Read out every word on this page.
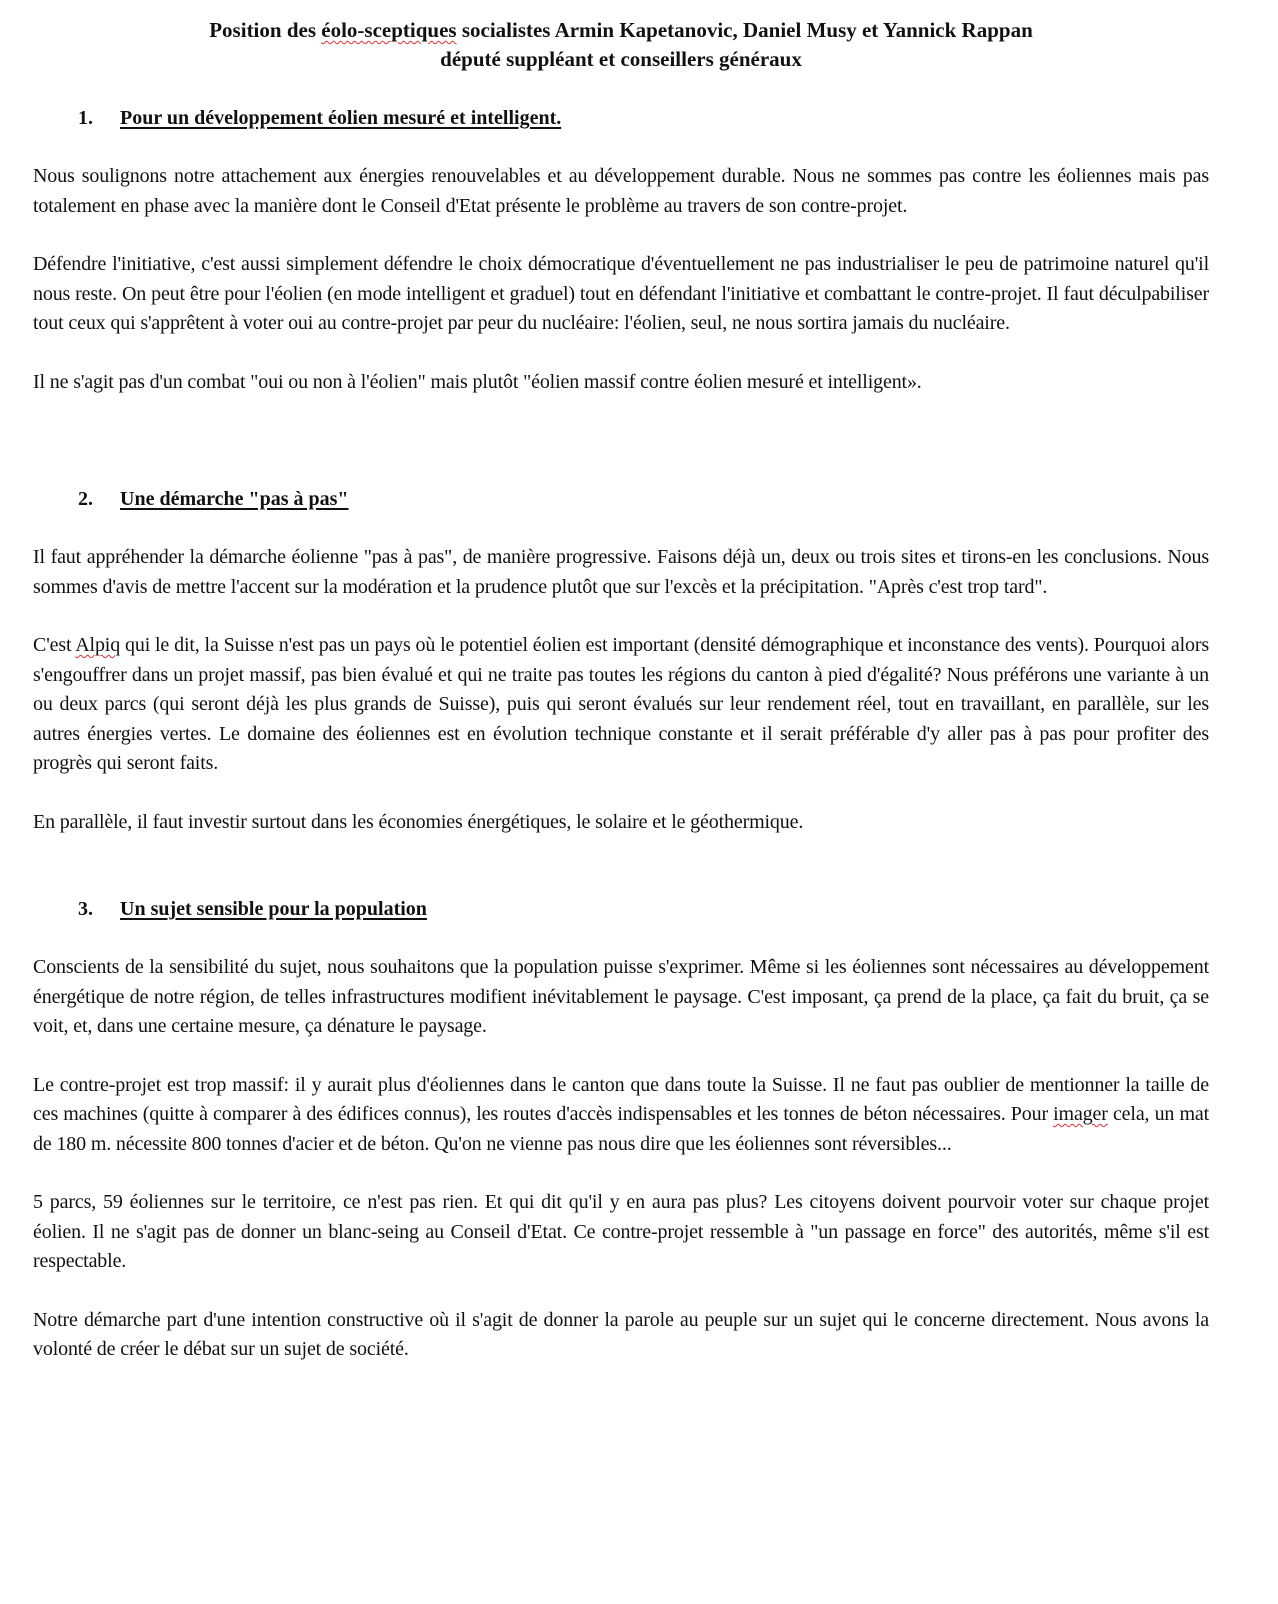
Position des éolo-sceptiques socialistes Armin Kapetanovic, Daniel Musy et Yannick Rappan
député suppléant et conseillers généraux
1.	Pour un développement éolien mesuré et intelligent.

Nous soulignons notre attachement aux énergies renouvelables et au développement durable. Nous ne sommes pas contre les éoliennes mais pas totalement en phase avec la manière dont le Conseil d'Etat présente le problème au travers de son contre-projet.

Défendre l'initiative, c'est aussi simplement défendre le choix démocratique d'éventuellement ne pas industrialiser le peu de patrimoine naturel qu'il nous reste. On peut être pour l'éolien (en mode intelligent et graduel) tout en défendant l'initiative et combattant le contre-projet. Il faut déculpabiliser tout ceux qui s'apprêtent à voter oui au contre-projet par peur du nucléaire: l'éolien, seul, ne nous sortira jamais du nucléaire.

Il ne s'agit pas d'un combat "oui ou non à l'éolien" mais plutôt "éolien massif contre éolien mesuré et intelligent».

2.	Une démarche "pas à pas"

Il faut appréhender la démarche éolienne "pas à pas", de manière progressive. Faisons déjà un, deux ou trois sites et tirons-en les conclusions. Nous sommes d'avis de mettre l'accent sur la modération et la prudence plutôt que sur l'excès et la précipitation. "Après c'est trop tard".

C'est Alpiq qui le dit, la Suisse n'est pas un pays où le potentiel éolien est important (densité démographique et inconstance des vents). Pourquoi alors s'engouffrer dans un projet massif, pas bien évalué et qui ne traite pas toutes les régions du canton à pied d'égalité? Nous préférons une variante à un ou deux parcs (qui seront déjà les plus grands de Suisse), puis qui seront évalués sur leur rendement réel, tout en travaillant, en parallèle, sur les autres énergies vertes. Le domaine des éoliennes est en évolution technique constante et il serait préférable d'y aller pas à pas pour profiter des progrès qui seront faits.

En parallèle, il faut investir surtout dans les économies énergétiques, le solaire et le géothermique.

3.	Un sujet sensible pour la population

Conscients de la sensibilité du sujet, nous souhaitons que la population puisse s'exprimer. Même si les éoliennes sont nécessaires au développement énergétique de notre région, de telles infrastructures modifient inévitablement le paysage. C'est imposant, ça prend de la place, ça fait du bruit, ça se voit, et, dans une certaine mesure, ça dénature le paysage.

Le contre-projet est trop massif: il y aurait plus d'éoliennes dans le canton que dans toute la Suisse. Il ne faut pas oublier de mentionner la taille de ces machines (quitte à comparer à des édifices connus), les routes d'accès indispensables et les tonnes de béton nécessaires. Pour imager cela, un mat de 180 m. nécessite 800 tonnes d'acier et de béton. Qu'on ne vienne pas nous dire que les éoliennes sont réversibles...

5 parcs, 59 éoliennes sur le territoire, ce n'est pas rien. Et qui dit qu'il y en aura pas plus? Les citoyens doivent pourvoir voter sur chaque projet éolien. Il ne s'agit pas de donner un blanc-seing au Conseil d'Etat. Ce contre-projet ressemble à "un passage en force" des autorités, même s'il est respectable.

Notre démarche part d'une intention constructive où il s'agit de donner la parole au peuple sur un sujet qui le concerne directement. Nous avons la volonté de créer le débat sur un sujet de société.
